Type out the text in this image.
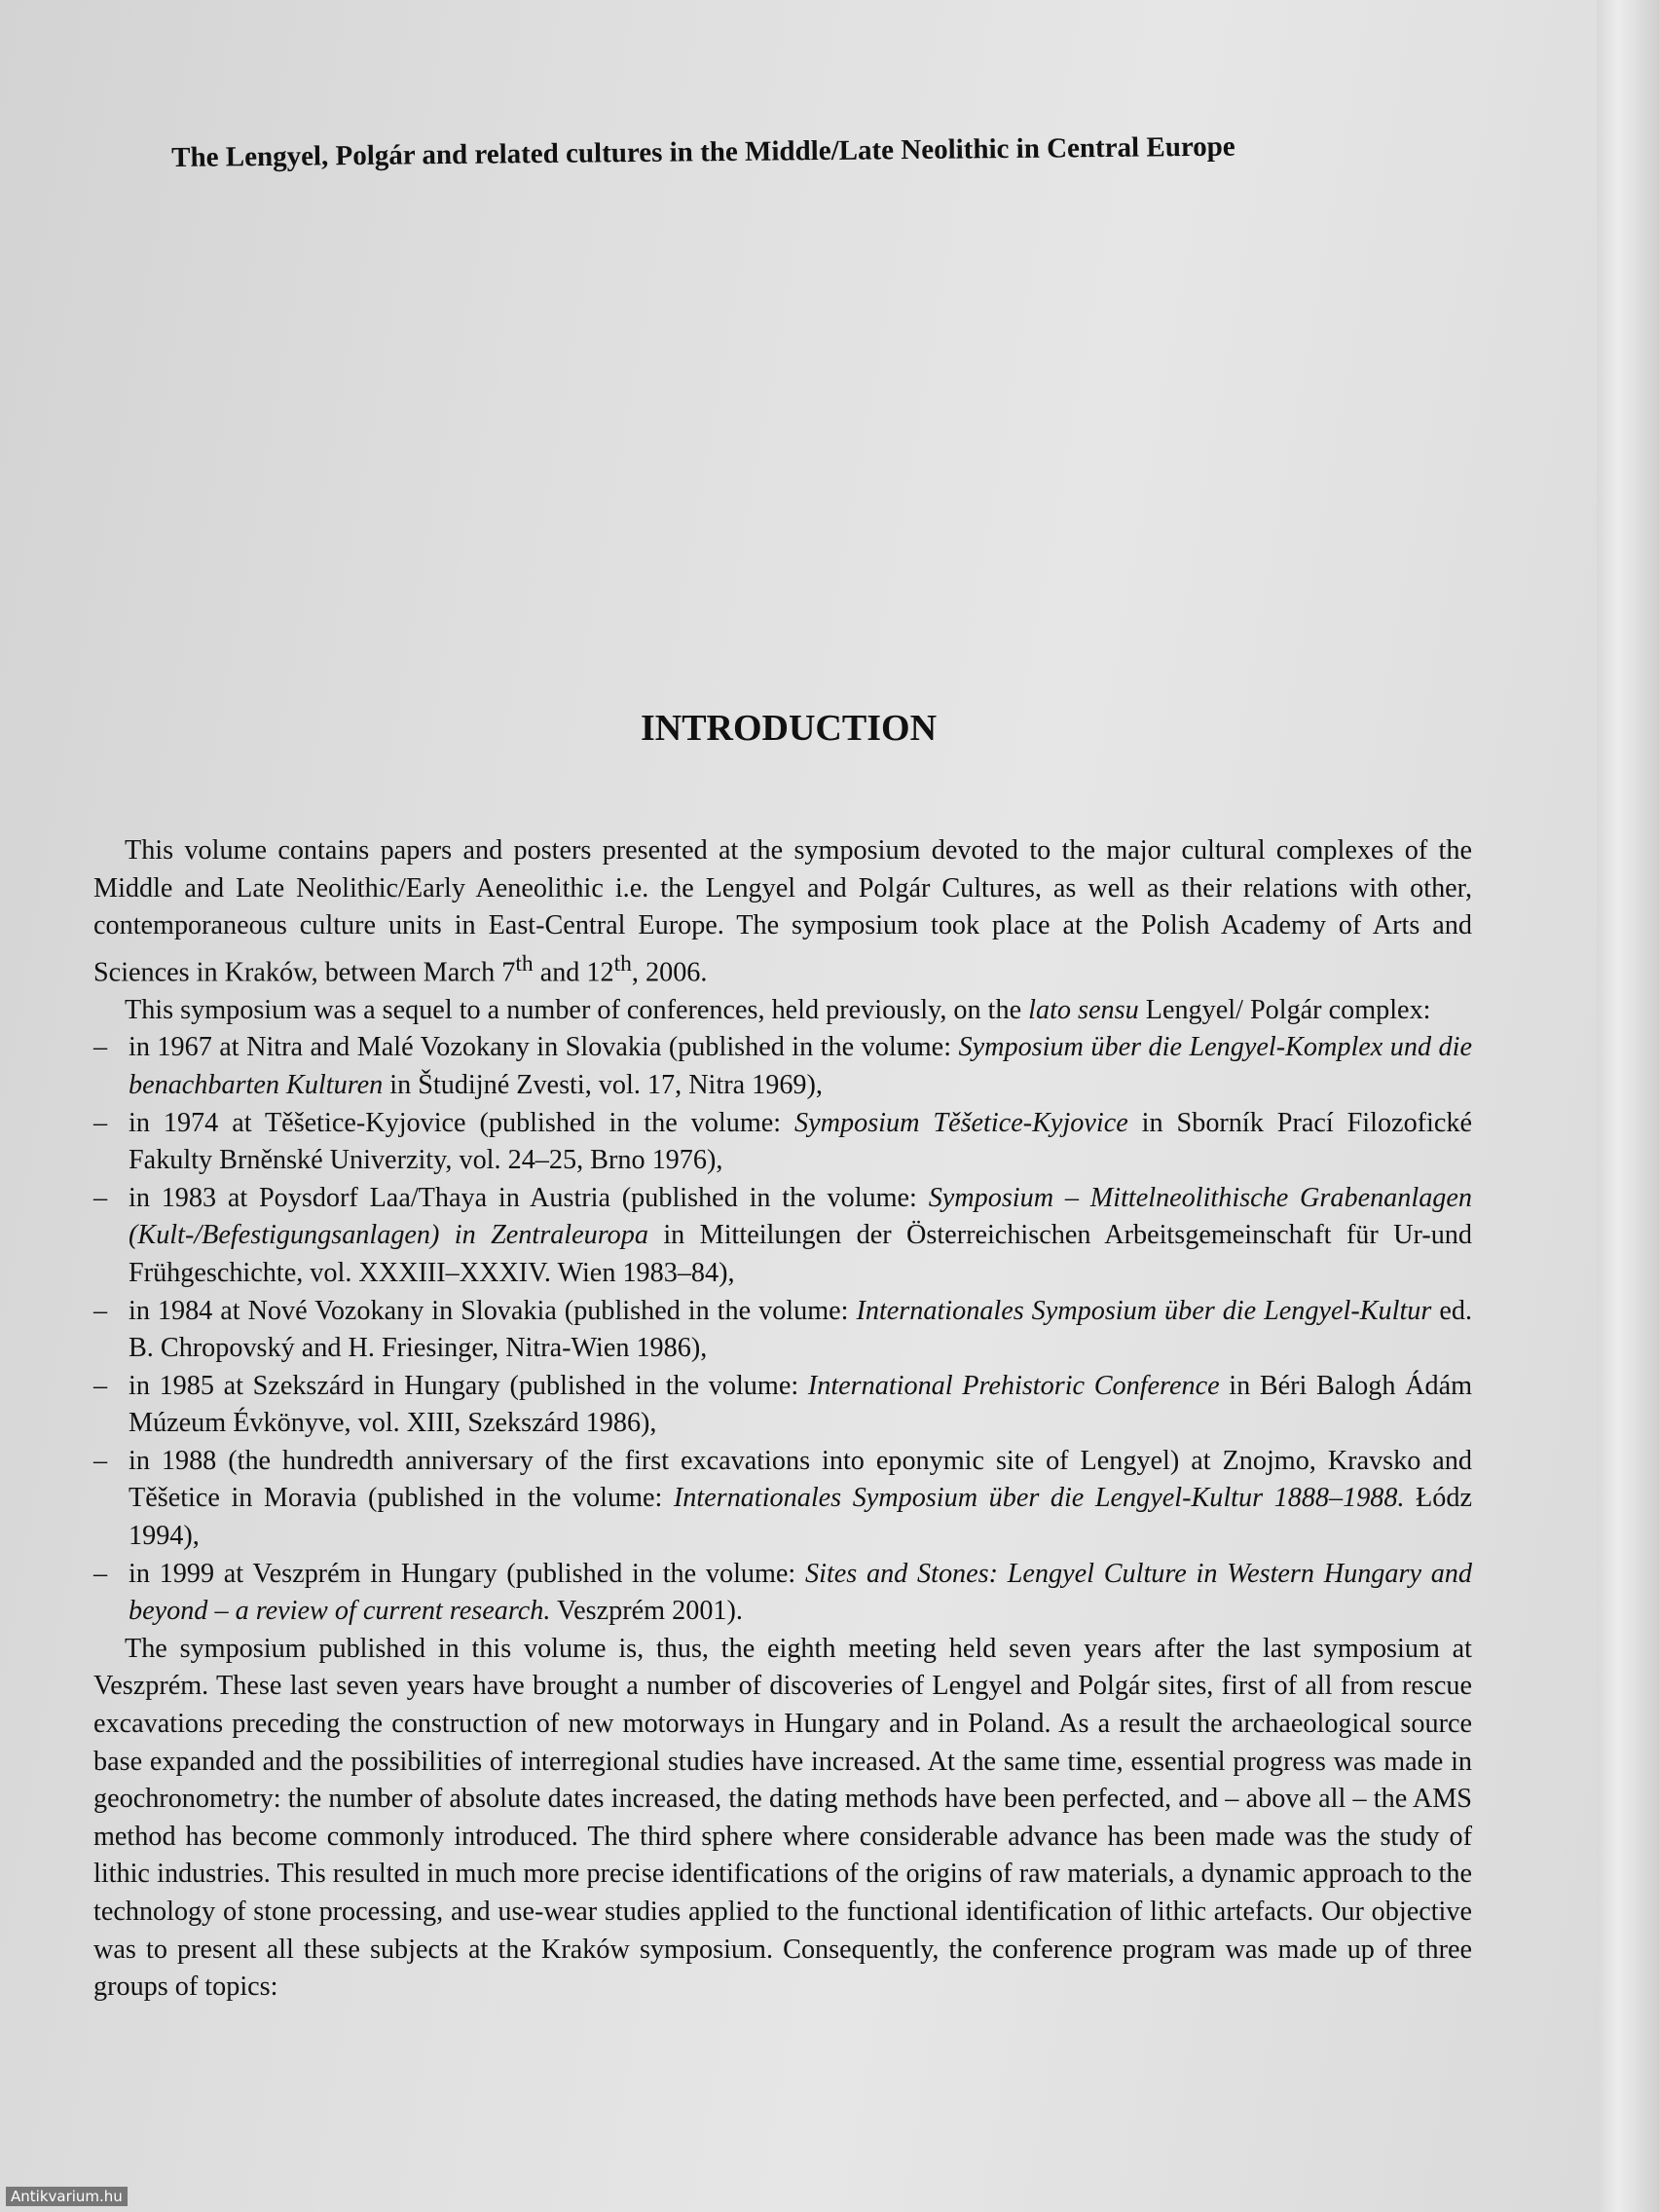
The Lengyel, Polgár and related cultures in the Middle/Late Neolithic in Central Europe
INTRODUCTION

This volume contains papers and posters presented at the symposium devoted to the major cultural complexes of the Middle and Late Neolithic/Early Aeneolithic i.e. the Lengyel and Polgár Cultures, as well as their relations with other, contemporaneous culture units in East-Central Europe. The symposium took place at the Polish Academy of Arts and Sciences in Kraków, between March 7th and 12th, 2006.

This symposium was a sequel to a number of conferences, held previously, on the lato sensu Lengyel/ Polgár complex:

– in 1967 at Nitra and Malé Vozokany in Slovakia (published in the volume: Symposium über die Lengyel-Komplex und die benachbarten Kulturen in Študijné Zvesti, vol. 17, Nitra 1969),
– in 1974 at Těšetice-Kyjovice (published in the volume: Symposium Těšetice-Kyjovice in Sborník Prací Filozofické Fakulty Brněnské Univerzity, vol. 24–25, Brno 1976),
– in 1983 at Poysdorf Laa/Thaya in Austria (published in the volume: Symposium – Mittelneolithische Grabenanlagen (Kult-/Befestigungsanlagen) in Zentraleuropa in Mitteilungen der Österreichischen Arbeitsgemeinschaft für Ur-und Frühgeschichte, vol. XXXIII–XXXIV. Wien 1983–84),
– in 1984 at Nové Vozokany in Slovakia (published in the volume: Internationales Symposium über die Lengyel-Kultur ed. B. Chropovský and H. Friesinger, Nitra-Wien 1986),
– in 1985 at Szekszárd in Hungary (published in the volume: International Prehistoric Conference in Béri Balogh Ádám Múzeum Évkönyve, vol. XIII, Szekszárd 1986),
– in 1988 (the hundredth anniversary of the first excavations into eponymic site of Lengyel) at Znojmo, Kravsko and Těšetice in Moravia (published in the volume: Internationales Symposium über die Lengyel-Kultur 1888–1988. Łódz 1994),
– in 1999 at Veszprém in Hungary (published in the volume: Sites and Stones: Lengyel Culture in Western Hungary and beyond – a review of current research. Veszprém 2001).

The symposium published in this volume is, thus, the eighth meeting held seven years after the last symposium at Veszprém. These last seven years have brought a number of discoveries of Lengyel and Polgár sites, first of all from rescue excavations preceding the construction of new motorways in Hungary and in Poland. As a result the archaeological source base expanded and the possibilities of interregional studies have increased. At the same time, essential progress was made in geochronometry: the number of absolute dates increased, the dating methods have been perfected, and – above all – the AMS method has become commonly introduced. The third sphere where considerable advance has been made was the study of lithic industries. This resulted in much more precise identifications of the origins of raw materials, a dynamic approach to the technology of stone processing, and use-wear studies applied to the functional identification of lithic artefacts. Our objective was to present all these subjects at the Kraków symposium. Consequently, the conference program was made up of three groups of topics:

Antikvarium.hu
